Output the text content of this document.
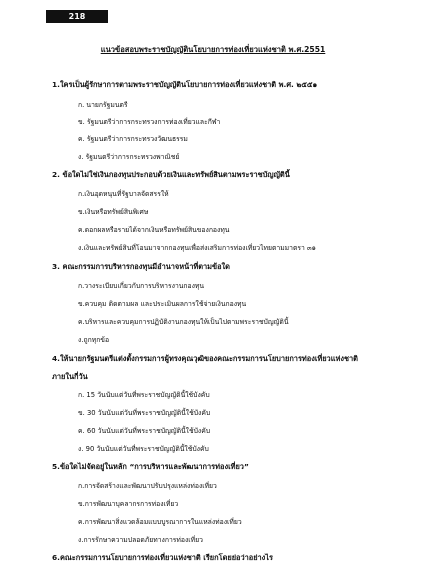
218
แนวข้อสอบพระราชบัญญัตินโยบายการท่องเที่ยวแห่งชาติ พ.ศ.2551
1.ใครเป็นผู้รักษาการตามพระราชบัญญัตินโยบายการท่องเที่ยวแห่งชาติ พ.ศ. ๒๕๕๑
ก. นายกรัฐมนตรี
ข. รัฐมนตรีว่าการกระทรวงการท่องเที่ยวและกีฬา
ค. รัฐมนตรีว่าการกระทรวงวัฒนธรรม
ง. รัฐมนตรีว่าการกระทรวงพาณิชย์
2. ข้อใดไม่ใช่เงินกองทุนประกอบด้วยเงินและทรัพย์สินตามพระราชบัญญัตินี้
ก.เงินอุดหนุนที่รัฐบาลจัดสรรให้
ข.เงินหรือทรัพย์สินพิเศษ
ค.ดอกผลหรือรายได้จากเงินหรือทรัพย์สินของกองทุน
ง.เงินและทรัพย์สินที่โอนมาจากกองทุนเพื่อส่งเสริมการท่องเที่ยวไทยตามมาตรา ๓๑
3. คณะกรรมการบริหารกองทุนมีอำนาจหน้าที่ตามข้อใด
ก.วางระเบียบเกี่ยวกับการบริหารงานกองทุน
ข.ควบคุม ติดตามผล และประเมินผลการใช้จ่ายเงินกองทุน
ค.บริหารและควบคุมการปฏิบัติงานกองทุนให้เป็นไปตามพระราชบัญญัตินี้
ง.ถูกทุกข้อ
4.ให้นายกรัฐมนตรีแต่งตั้งกรรมการผู้ทรงคุณวุฒิของคณะกรรมการนโยบายการท่องเที่ยวแห่งชาติ
ภายในกี่วัน
ก. 15 วันนับแต่วันที่พระราชบัญญัตินี้ใช้บังคับ
ข. 30 วันนับแต่วันที่พระราชบัญญัตินี้ใช้บังคับ
ค. 60 วันนับแต่วันที่พระราชบัญญัตินี้ใช้บังคับ
ง. 90 วันนับแต่วันที่พระราชบัญญัตินี้ใช้บังคับ
5.ข้อใดไม่จัดอยู่ในหลัก “การบริหารและพัฒนาการท่องเที่ยว”
ก.การจัดสร้างและพัฒนาปรับปรุงแหล่งท่องเที่ยว
ข.การพัฒนาบุคลากรการท่องเที่ยว
ค.การพัฒนาสิ่งแวดล้อมแบบบูรณาการในแหล่งท่องเที่ยว
ง.การรักษาความปลอดภัยทางการท่องเที่ยว
6.คณะกรรมการนโยบายการท่องเที่ยวแห่งชาติ เรียกโดยย่อว่าอย่างไร
